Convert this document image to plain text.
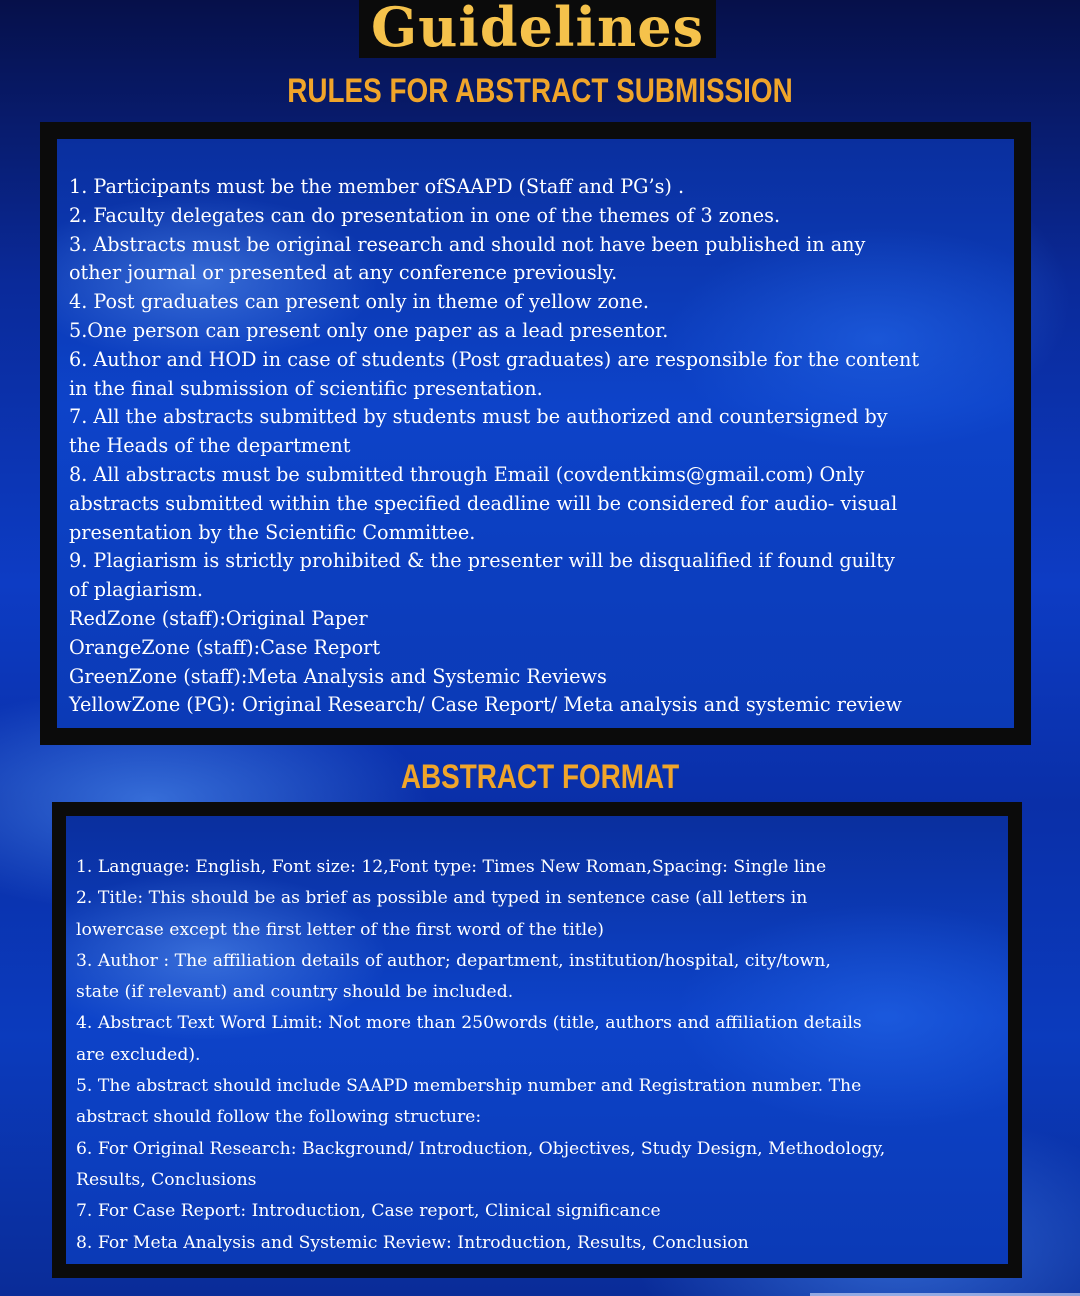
Guidelines
RULES FOR ABSTRACT SUBMISSION
1. Participants must be the member ofSAAPD (Staff and PG’s) .
2. Faculty delegates can do presentation in one of the themes of 3 zones.
3. Abstracts must be original research and should not have been published in any
other journal or presented at any conference previously.
4. Post graduates can present only in theme of yellow zone.
5.One person can present only one paper as a lead presentor.
6. Author and HOD in case of students (Post graduates) are responsible for the content
in the final submission of scientific presentation.
7. All the abstracts submitted by students must be authorized and countersigned by
the Heads of the department
8. All abstracts must be submitted through Email (covdentkims@gmail.com) Only
abstracts submitted within the specified deadline will be considered for audio- visual
presentation by the Scientific Committee.
9. Plagiarism is strictly prohibited & the presenter will be disqualified if found guilty
of plagiarism.
RedZone (staff):Original Paper
OrangeZone (staff):Case Report
GreenZone (staff):Meta Analysis and Systemic Reviews
YellowZone (PG): Original Research/ Case Report/ Meta analysis and systemic review
ABSTRACT FORMAT
1. Language: English, Font size: 12,Font type: Times New Roman,Spacing: Single line
2. Title: This should be as brief as possible and typed in sentence case (all letters in
lowercase except the first letter of the first word of the title)
3. Author : The affiliation details of author; department, institution/hospital, city/town,
state (if relevant) and country should be included.
4. Abstract Text Word Limit: Not more than 250words (title, authors and affiliation details
are excluded).
5. The abstract should include SAAPD membership number and Registration number. The
abstract should follow the following structure:
6. For Original Research: Background/ Introduction, Objectives, Study Design, Methodology,
Results, Conclusions
7. For Case Report: Introduction, Case report, Clinical significance
8. For Meta Analysis and Systemic Review: Introduction, Results, Conclusion
